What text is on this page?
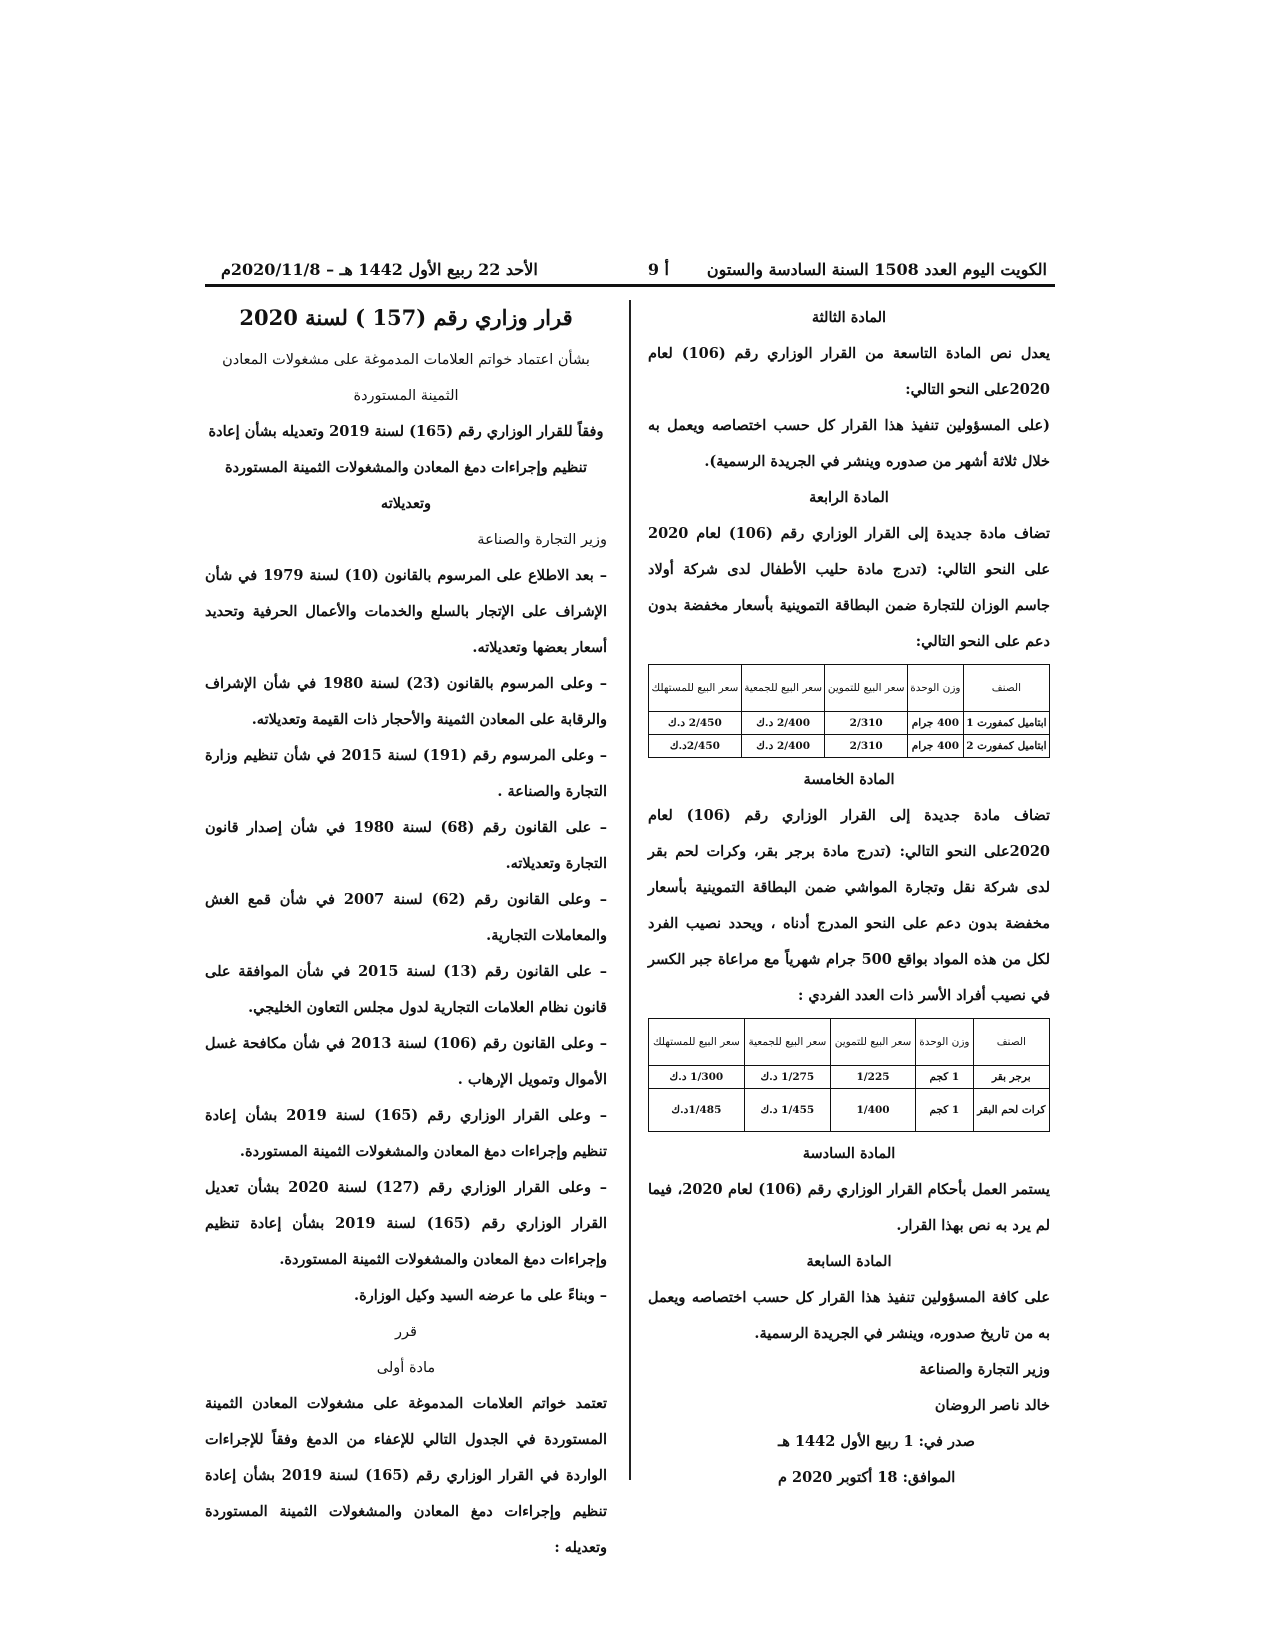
الكويت اليوم العدد 1508 السنة السادسة والستون
أ 9
الأحد 22 ربيع الأول 1442 هـ – 2020/11/8م

المادة الثالثة

يعدل نص المادة التاسعة من القرار الوزاري رقم (106) لعام 2020على النحو التالي:

(على المسؤولين تنفيذ هذا القرار كل حسب اختصاصه ويعمل به خلال ثلاثة أشهر من صدوره وينشر في الجريدة الرسمية).

المادة الرابعة

تضاف مادة جديدة إلى القرار الوزاري رقم (106) لعام 2020 على النحو التالي: (تدرج مادة حليب الأطفال لدى شركة أولاد جاسم الوزان للتجارة ضمن البطاقة التموينية بأسعار مخفضة بدون دعم على النحو التالي:

الصنف	وزن الوحدة	سعر البيع للتموين	سعر البيع للجمعية	سعر البيع للمستهلك
ابتاميل كمفورت 1	400 جرام	2/310	2/400 د.ك	2/450 د.ك
ابتاميل كمفورت 2	400 جرام	2/310	2/400 د.ك	2/450د.ك

المادة الخامسة

تضاف مادة جديدة إلى القرار الوزاري رقم (106) لعام 2020على النحو التالي: (تدرج مادة برجر بقر، وكرات لحم بقر لدى شركة نقل وتجارة المواشي ضمن البطاقة التموينية بأسعار مخفضة بدون دعم على النحو المدرج أدناه ، ويحدد نصيب الفرد لكل من هذه المواد بواقع 500 جرام شهرياً مع مراعاة جبر الكسر في نصيب أفراد الأسر ذات العدد الفردي :

الصنف	وزن الوحدة	سعر البيع للتموين	سعر البيع للجمعية	سعر البيع للمستهلك
برجر بقر	1 كجم	1/225	1/275 د.ك	1/300 د.ك
كرات لحم البقر	1 كجم	1/400	1/455 د.ك	1/485د.ك

المادة السادسة

يستمر العمل بأحكام القرار الوزاري رقم (106) لعام 2020، فيما لم يرد به نص بهذا القرار.

المادة السابعة

على كافة المسؤولين تنفيذ هذا القرار كل حسب اختصاصه ويعمل به من تاريخ صدوره، وينشر في الجريدة الرسمية.

وزير التجارة والصناعة

خالد ناصر الروضان

صدر في: 1 ربيع الأول 1442 هـ

الموافق: 18 أكتوبر 2020 م

قرار وزاري رقم (157 ) لسنة 2020

بشأن اعتماد خواتم العلامات المدموغة على مشغولات المعادن الثمينة المستوردة

وفقاً للقرار الوزاري رقم (165) لسنة 2019 وتعديله بشأن إعادة تنظيم وإجراءات دمغ المعادن والمشغولات الثمينة المستوردة وتعديلاته

وزير التجارة والصناعة

– بعد الاطلاع على المرسوم بالقانون (10) لسنة 1979 في شأن الإشراف على الإتجار بالسلع والخدمات والأعمال الحرفية وتحديد أسعار بعضها وتعديلاته.

– وعلى المرسوم بالقانون (23) لسنة 1980 في شأن الإشراف والرقابة على المعادن الثمينة والأحجار ذات القيمة وتعديلاته.

– وعلى المرسوم رقم (191) لسنة 2015 في شأن تنظيم وزارة التجارة والصناعة .

– على القانون رقم (68) لسنة 1980 في شأن إصدار قانون التجارة وتعديلاته.

– وعلى القانون رقم (62) لسنة 2007 في شأن قمع الغش والمعاملات التجارية.

– على القانون رقم (13) لسنة 2015 في شأن الموافقة على قانون نظام العلامات التجارية لدول مجلس التعاون الخليجي.

– وعلى القانون رقم (106) لسنة 2013 في شأن مكافحة غسل الأموال وتمويل الإرهاب .

– وعلى القرار الوزاري رقم (165) لسنة 2019 بشأن إعادة تنظيم وإجراءات دمغ المعادن والمشغولات الثمينة المستوردة.

– وعلى القرار الوزاري رقم (127) لسنة 2020 بشأن تعديل القرار الوزاري رقم (165) لسنة 2019 بشأن إعادة تنظيم وإجراءات دمغ المعادن والمشغولات الثمينة المستوردة.

– وبناءً على ما عرضه السيد وكيل الوزارة.

قرر

مادة أولى

تعتمد خواتم العلامات المدموغة على مشغولات المعادن الثمينة المستوردة في الجدول التالي للإعفاء من الدمغ وفقاً للإجراءات الواردة في القرار الوزاري رقم (165) لسنة 2019 بشأن إعادة تنظيم وإجراءات دمغ المعادن والمشغولات الثمينة المستوردة وتعديله :
